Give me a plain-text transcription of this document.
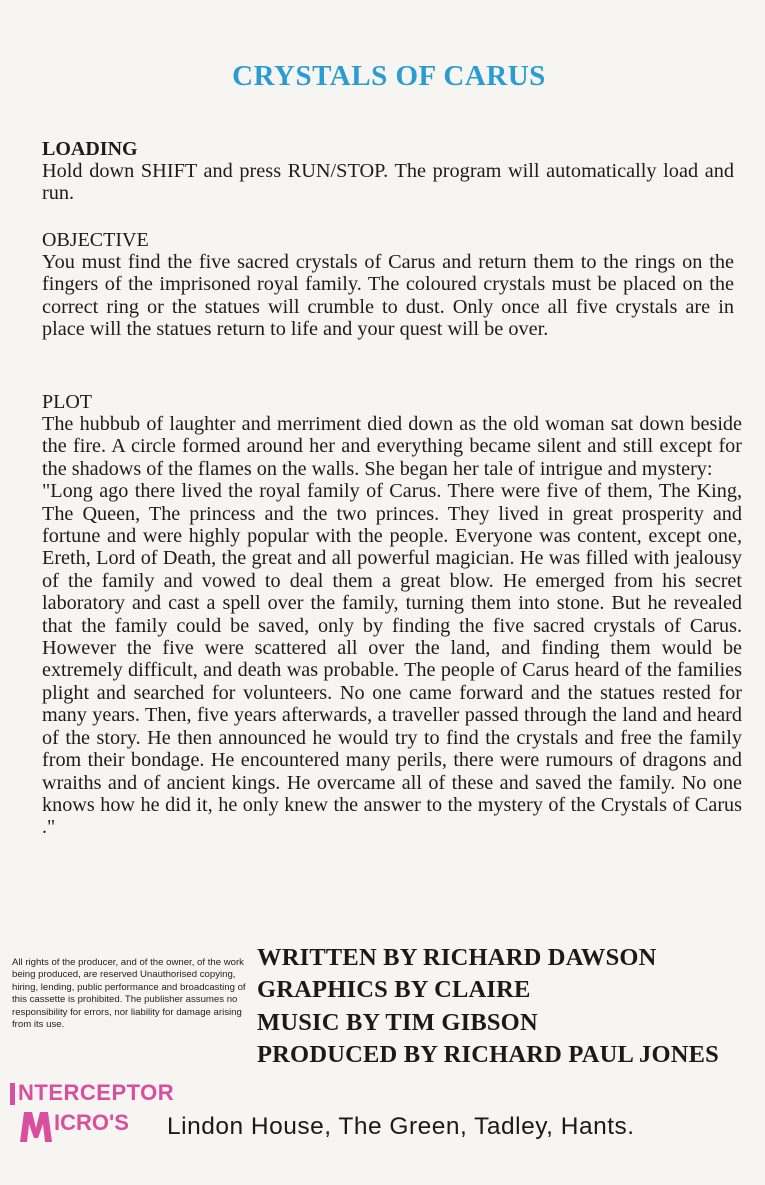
CRYSTALS OF CARUS
LOADING

Hold down SHIFT and press RUN/STOP. The program will automatically load and run.

OBJECTIVE

You must find the five sacred crystals of Carus and return them to the rings on the fingers of the imprisoned royal family. The coloured crystals must be placed on the correct ring or the statues will crumble to dust. Only once all five crystals are in place will the statues return to life and your quest will be over.

PLOT

The hubbub of laughter and merriment died down as the old woman sat down beside the fire. A circle formed around her and everything became silent and still except for the shadows of the flames on the walls. She began her tale of intrigue and mystery:

"Long ago there lived the royal family of Carus. There were five of them, The King, The Queen, The princess and the two princes. They lived in great prosperity and fortune and were highly popular with the people. Everyone was content, except one, Ereth, Lord of Death, the great and all powerful magician. He was filled with jealousy of the family and vowed to deal them a great blow. He emerged from his secret laboratory and cast a spell over the family, turning them into stone. But he revealed that the family could be saved, only by finding the five sacred crystals of Carus. However the five were scattered all over the land, and finding them would be extremely difficult, and death was probable. The people of Carus heard of the families plight and searched for volunteers. No one came forward and the statues rested for many years. Then, five years afterwards, a traveller passed through the land and heard of the story. He then announced he would try to find the crystals and free the family from their bondage. He encountered many perils, there were rumours of dragons and wraiths and of ancient kings. He overcame all of these and saved the family. No one knows how he did it, he only knew the answer to the mystery of the Crystals of Carus ."

All rights of the producer, and of the owner, of the work being produced, are reserved Unauthorised copying, hiring, lending, public performance and broadcasting of this cassette is prohibited. The publisher assumes no responsibility for errors, nor liability for damage arising from its use.
WRITTEN BY RICHARD DAWSON
GRAPHICS BY CLAIRE
MUSIC BY TIM GIBSON
PRODUCED BY RICHARD PAUL JONES
NTERCEPTOR
ICRO'S Lindon House, The Green, Tadley, Hants.
